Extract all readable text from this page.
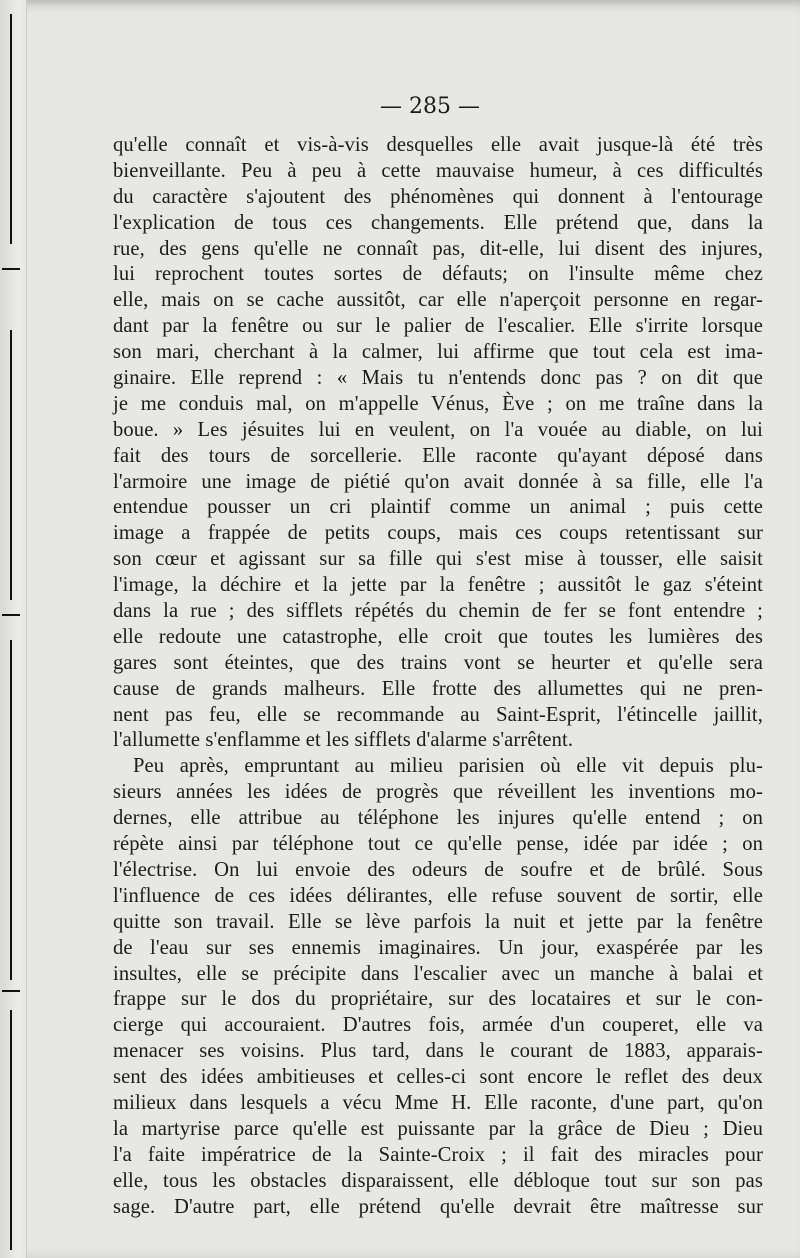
— 285 —
qu'elle connaît et vis-à-vis desquelles elle avait jusque-là été très
bienveillante. Peu à peu à cette mauvaise humeur, à ces difficultés
du caractère s'ajoutent des phénomènes qui donnent à l'entourage
l'explication de tous ces changements. Elle prétend que, dans la
rue, des gens qu'elle ne connaît pas, dit-elle, lui disent des injures,
lui reprochent toutes sortes de défauts; on l'insulte même chez
elle, mais on se cache aussitôt, car elle n'aperçoit personne en regar-
dant par la fenêtre ou sur le palier de l'escalier. Elle s'irrite lorsque
son mari, cherchant à la calmer, lui affirme que tout cela est ima-
ginaire. Elle reprend : « Mais tu n'entends donc pas ? on dit que
je me conduis mal, on m'appelle Vénus, Ève ; on me traîne dans la
boue. » Les jésuites lui en veulent, on l'a vouée au diable, on lui
fait des tours de sorcellerie. Elle raconte qu'ayant déposé dans
l'armoire une image de piétié qu'on avait donnée à sa fille, elle l'a
entendue pousser un cri plaintif comme un animal ; puis cette
image a frappée de petits coups, mais ces coups retentissant sur
son cœur et agissant sur sa fille qui s'est mise à tousser, elle saisit
l'image, la déchire et la jette par la fenêtre ; aussitôt le gaz s'éteint
dans la rue ; des sifflets répétés du chemin de fer se font entendre ;
elle redoute une catastrophe, elle croit que toutes les lumières des
gares sont éteintes, que des trains vont se heurter et qu'elle sera
cause de grands malheurs. Elle frotte des allumettes qui ne pren-
nent pas feu, elle se recommande au Saint-Esprit, l'étincelle jaillit,
l'allumette s'enflamme et les sifflets d'alarme s'arrêtent.
Peu après, empruntant au milieu parisien où elle vit depuis plu-
sieurs années les idées de progrès que réveillent les inventions mo-
dernes, elle attribue au téléphone les injures qu'elle entend ; on
répète ainsi par téléphone tout ce qu'elle pense, idée par idée ; on
l'électrise. On lui envoie des odeurs de soufre et de brûlé. Sous
l'influence de ces idées délirantes, elle refuse souvent de sortir, elle
quitte son travail. Elle se lève parfois la nuit et jette par la fenêtre
de l'eau sur ses ennemis imaginaires. Un jour, exaspérée par les
insultes, elle se précipite dans l'escalier avec un manche à balai et
frappe sur le dos du propriétaire, sur des locataires et sur le con-
cierge qui accouraient. D'autres fois, armée d'un couperet, elle va
menacer ses voisins. Plus tard, dans le courant de 1883, apparais-
sent des idées ambitieuses et celles-ci sont encore le reflet des deux
milieux dans lesquels a vécu Mme H. Elle raconte, d'une part, qu'on
la martyrise parce qu'elle est puissante par la grâce de Dieu ; Dieu
l'a faite impératrice de la Sainte-Croix ; il fait des miracles pour
elle, tous les obstacles disparaissent, elle débloque tout sur son pas
sage. D'autre part, elle prétend qu'elle devrait être maîtresse sur
